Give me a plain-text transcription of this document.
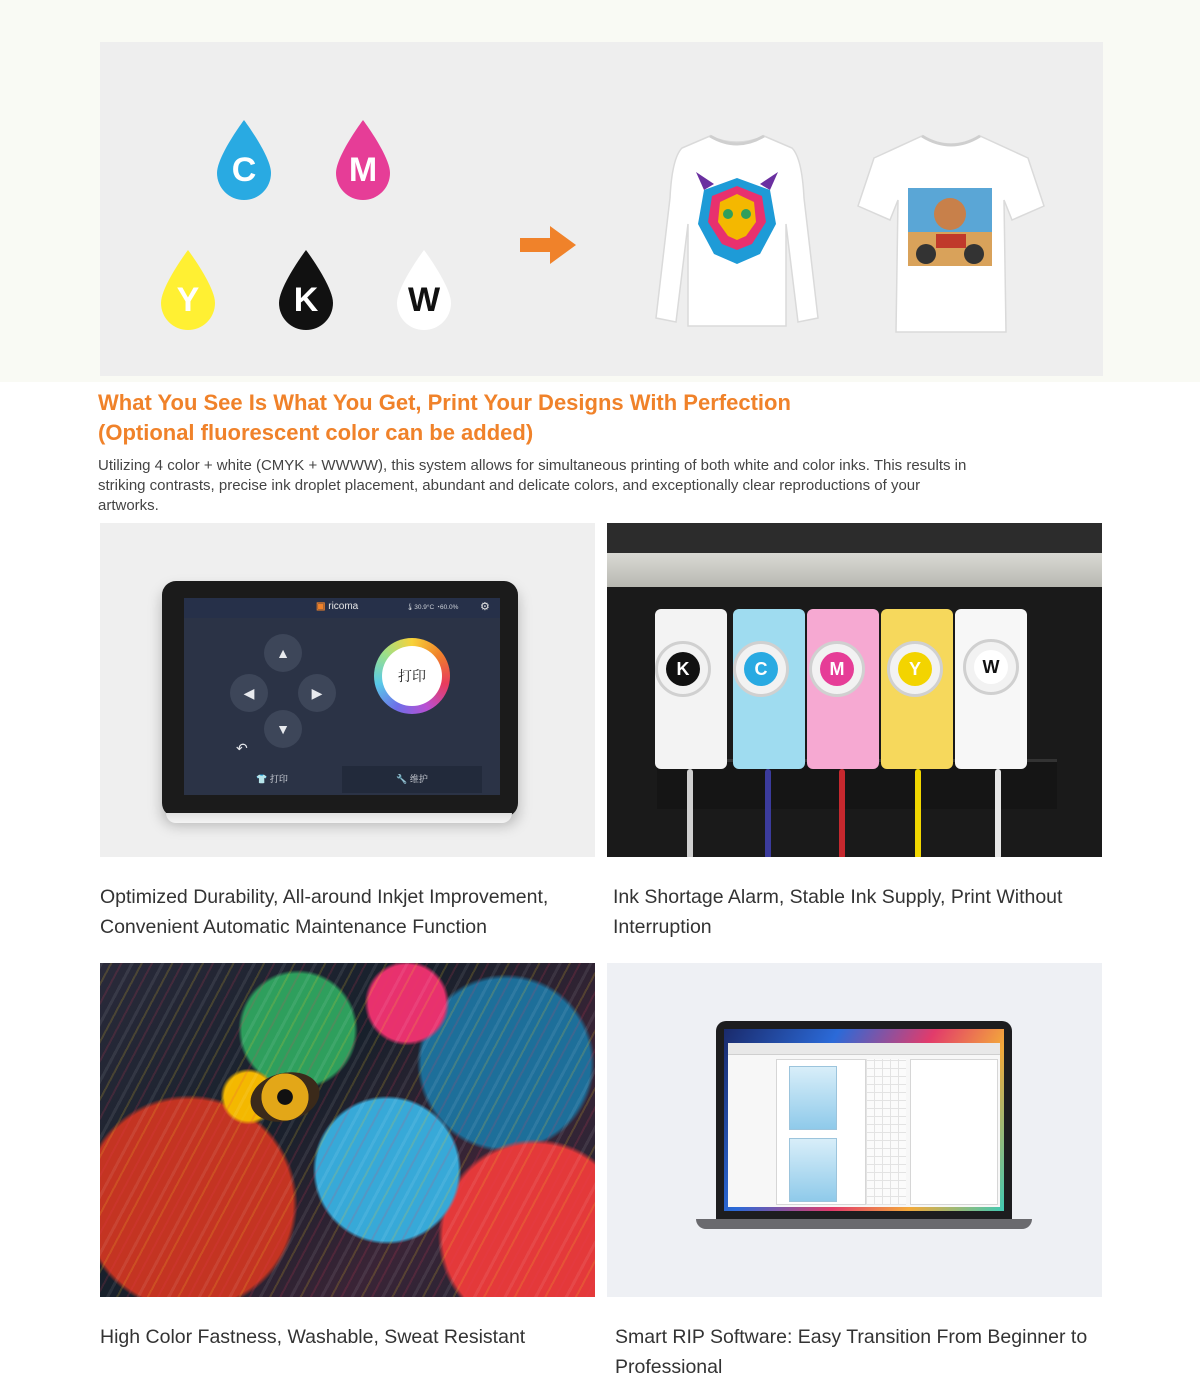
C	M
Y	K	W
What You See Is What You Get, Print Your Designs With Perfection
(Optional fluorescent color can be added)

Utilizing 4 color + white (CMYK + WWWW), this system allows for simultaneous printing of both white and color inks. This results in striking contrasts, precise ink droplet placement, abundant and delicate colors, and exceptionally clear reproductions of your artworks.

▣ ricoma	🌡30.9°C ◔60.0% ⚙
▲
◀	▶
▼
↶
打印
👕 打印	🔧 维护
Optimized Durability, All-around Inkjet Improvement, Convenient Automatic Maintenance Function
K	C	M	Y	W
Ink Shortage Alarm, Stable Ink Supply, Print Without Interruption
High Color Fastness, Washable, Sweat Resistant	Smart RIP Software: Easy Transition From Beginner to Professional
